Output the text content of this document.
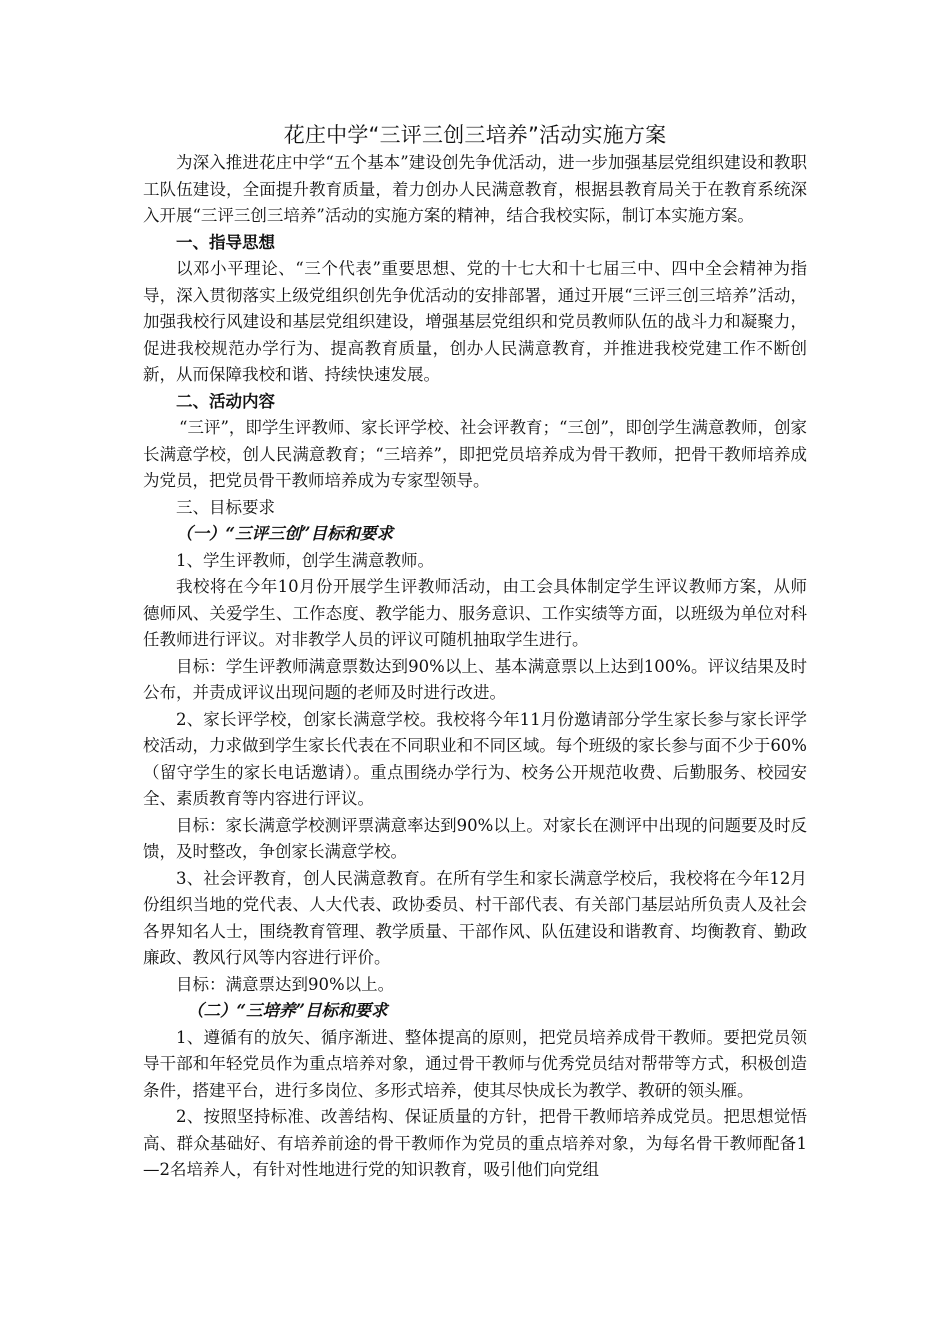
花庄中学“三评三创三培养”活动实施方案

为深入推进花庄中学“五个基本”建设创先争优活动，进一步加强基层党组织建设和教职工队伍建设，全面提升教育质量，着力创办人民满意教育，根据县教育局关于在教育系统深入开展“三评三创三培养”活动的实施方案的精神，结合我校实际，制订本实施方案。

一、指导思想

以邓小平理论、“三个代表”重要思想、党的十七大和十七届三中、四中全会精神为指导，深入贯彻落实上级党组织创先争优活动的安排部署，通过开展“三评三创三培养”活动，加强我校行风建设和基层党组织建设，增强基层党组织和党员教师队伍的战斗力和凝聚力，促进我校规范办学行为、提高教育质量，创办人民满意教育，并推进我校党建工作不断创新，从而保障我校和谐、持续快速发展。

二、活动内容

“三评”，即学生评教师、家长评学校、社会评教育；“三创”，即创学生满意教师，创家长满意学校，创人民满意教育；“三培养”，即把党员培养成为骨干教师，把骨干教师培养成为党员，把党员骨干教师培养成为专家型领导。

三、目标要求
（一）“三评三创”目标和要求

1、学生评教师，创学生满意教师。

我校将在今年10月份开展学生评教师活动，由工会具体制定学生评议教师方案，从师德师风、关爱学生、工作态度、教学能力、服务意识、工作实绩等方面，以班级为单位对科任教师进行评议。对非教学人员的评议可随机抽取学生进行。

目标：学生评教师满意票数达到90%以上、基本满意票以上达到100%。评议结果及时公布，并责成评议出现问题的老师及时进行改进。

2、家长评学校，创家长满意学校。我校将今年11月份邀请部分学生家长参与家长评学校活动，力求做到学生家长代表在不同职业和不同区域。每个班级的家长参与面不少于60%（留守学生的家长电话邀请）。重点围绕办学行为、校务公开规范收费、后勤服务、校园安全、素质教育等内容进行评议。

目标：家长满意学校测评票满意率达到90%以上。对家长在测评中出现的问题要及时反馈，及时整改，争创家长满意学校。

3、社会评教育，创人民满意教育。在所有学生和家长满意学校后，我校将在今年12月份组织当地的党代表、人大代表、政协委员、村干部代表、有关部门基层站所负责人及社会各界知名人士，围绕教育管理、教学质量、干部作风、队伍建设和谐教育、均衡教育、勤政廉政、教风行风等内容进行评价。

目标：满意票达到90%以上。

（二）“三培养”目标和要求

1、遵循有的放矢、循序渐进、整体提高的原则，把党员培养成骨干教师。要把党员领导干部和年轻党员作为重点培养对象，通过骨干教师与优秀党员结对帮带等方式，积极创造条件，搭建平台，进行多岗位、多形式培养，使其尽快成长为教学、教研的领头雁。

2、按照坚持标准、改善结构、保证质量的方针，把骨干教师培养成党员。把思想觉悟高、群众基础好、有培养前途的骨干教师作为党员的重点培养对象，为每名骨干教师配备1—2名培养人，有针对性地进行党的知识教育，吸引他们向党组
